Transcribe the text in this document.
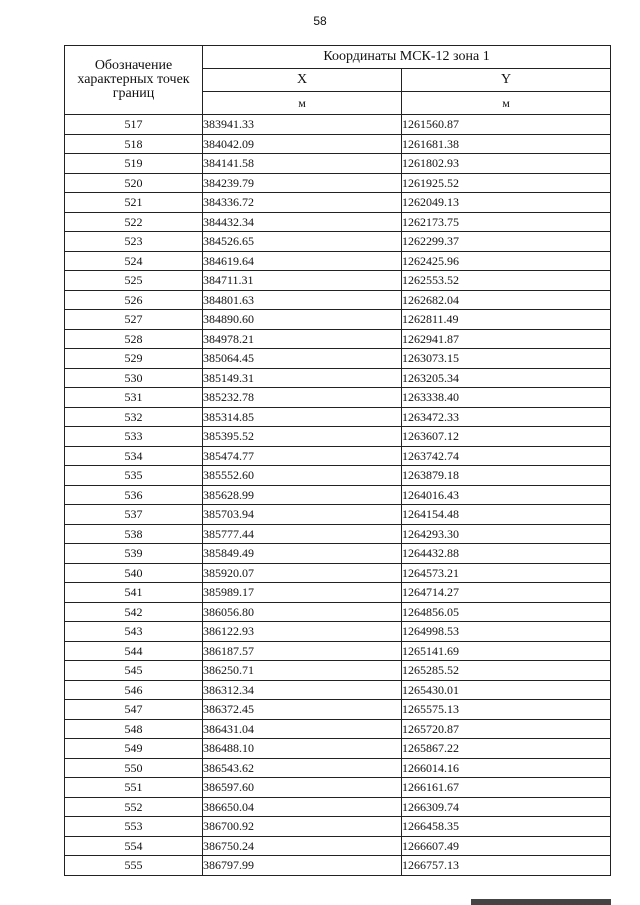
58
Обозначение характерных точек границ	Координаты МСК-12 зона 1	
	X	Y
	м	м
517	383941.33	1261560.87
518	384042.09	1261681.38
519	384141.58	1261802.93
520	384239.79	1261925.52
521	384336.72	1262049.13
522	384432.34	1262173.75
523	384526.65	1262299.37
524	384619.64	1262425.96
525	384711.31	1262553.52
526	384801.63	1262682.04
527	384890.60	1262811.49
528	384978.21	1262941.87
529	385064.45	1263073.15
530	385149.31	1263205.34
531	385232.78	1263338.40
532	385314.85	1263472.33
533	385395.52	1263607.12
534	385474.77	1263742.74
535	385552.60	1263879.18
536	385628.99	1264016.43
537	385703.94	1264154.48
538	385777.44	1264293.30
539	385849.49	1264432.88
540	385920.07	1264573.21
541	385989.17	1264714.27
542	386056.80	1264856.05
543	386122.93	1264998.53
544	386187.57	1265141.69
545	386250.71	1265285.52
546	386312.34	1265430.01
547	386372.45	1265575.13
548	386431.04	1265720.87
549	386488.10	1265867.22
550	386543.62	1266014.16
551	386597.60	1266161.67
552	386650.04	1266309.74
553	386700.92	1266458.35
554	386750.24	1266607.49
555	386797.99	1266757.13
